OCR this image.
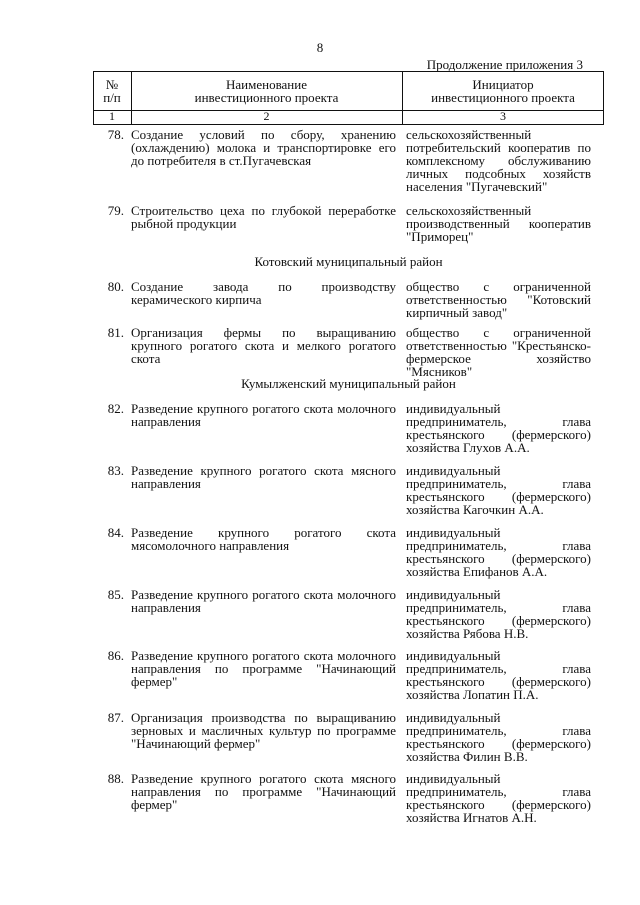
8
Продолжение приложения 3
№
п/п
Наименование
инвестиционного проекта
Инициатор
инвестиционного проекта
1	2	3
78. Создание условий по сбору, хранению (охлаждению) молока и транспортировке его до потребителя в ст.Пугачевская
сельскохозяйственный потребительский кооператив по комплексному обслуживанию личных подсобных хозяйств населения "Пугачевский"
79. Строительство цеха по глубокой переработке рыбной продукции
сельскохозяйственный производственный кооператив "Приморец"
Котовский муниципальный район
80. Создание завода по производству керамического кирпича
общество с ограниченной ответственностью "Котовский кирпичный завод"
81. Организация фермы по выращиванию крупного рогатого скота и мелкого рогатого скота
общество с ограниченной ответственностью "Крестьянско-фермерское хозяйство "Мясников"
Кумылженский муниципальный район
82. Разведение крупного рогатого скота молочного направления
индивидуальный предприниматель, глава крестьянского (фермерского) хозяйства Глухов А.А.
83. Разведение крупного рогатого скота мясного направления
индивидуальный предприниматель, глава крестьянского (фермерского) хозяйства Кагочкин А.А.
84. Разведение крупного рогатого скота мясомолочного направления
индивидуальный предприниматель, глава крестьянского (фермерского) хозяйства Епифанов А.А.
85. Разведение крупного рогатого скота молочного направления
индивидуальный предприниматель, глава крестьянского (фермерского) хозяйства Рябова Н.В.
86. Разведение крупного рогатого скота молочного направления по программе "Начинающий фермер"
индивидуальный предприниматель, глава крестьянского (фермерского) хозяйства Лопатин П.А.
87. Организация производства по выращиванию зерновых и масличных культур по программе "Начинающий фермер"
индивидуальный предприниматель, глава крестьянского (фермерского) хозяйства Филин В.В.
88. Разведение крупного рогатого скота мясного направления по программе "Начинающий фермер"
индивидуальный предприниматель, глава крестьянского (фермерского) хозяйства Игнатов А.Н.
